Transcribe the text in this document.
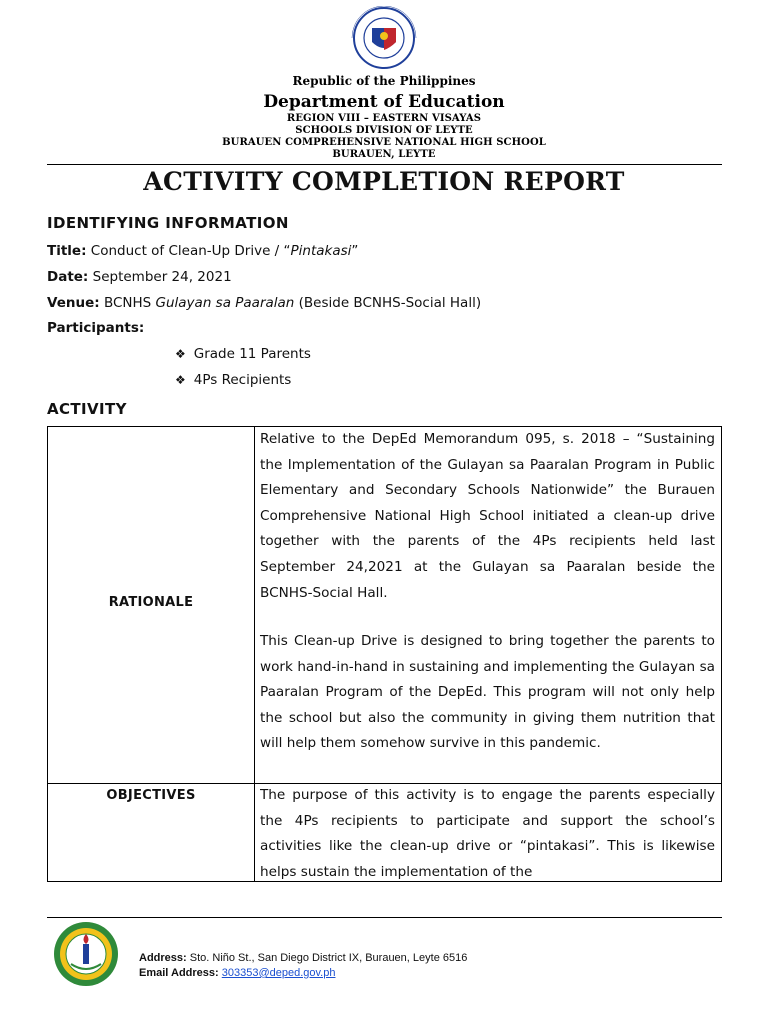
Republic of the Philippines
Department of Education
REGION VIII – EASTERN VISAYAS
SCHOOLS DIVISION OF LEYTE
BURAUEN COMPREHENSIVE NATIONAL HIGH SCHOOL
BURAUEN, LEYTE
ACTIVITY COMPLETION REPORT
IDENTIFYING INFORMATION
Title: Conduct of Clean-Up Drive / “Pintakasi”
Date: September 24, 2021
Venue: BCNHS Gulayan sa Paaralan (Beside BCNHS-Social Hall)
Participants:
❖ Grade 11 Parents
❖ 4Ps Recipients
ACTIVITY
RATIONALE
Relative to the DepEd Memorandum 095, s. 2018 – “Sustaining the Implementation of the Gulayan sa Paaralan Program in Public Elementary and Secondary Schools Nationwide” the Burauen Comprehensive National High School initiated a clean-up drive together with the parents of the 4Ps recipients held last September 24,2021 at the Gulayan sa Paaralan beside the BCNHS-Social Hall.
This Clean-up Drive is designed to bring together the parents to work hand-in-hand in sustaining and implementing the Gulayan sa Paaralan Program of the DepEd. This program will not only help the school but also the community in giving them nutrition that will help them somehow survive in this pandemic.
OBJECTIVES	The purpose of this activity is to engage the parents especially the 4Ps recipients to participate and support the school’s activities like the clean-up drive or “pintakasi”. This is likewise helps sustain the implementation of the
Address: Sto. Niño St., San Diego District IX, Burauen, Leyte 6516
Email Address: 303353@deped.gov.ph
